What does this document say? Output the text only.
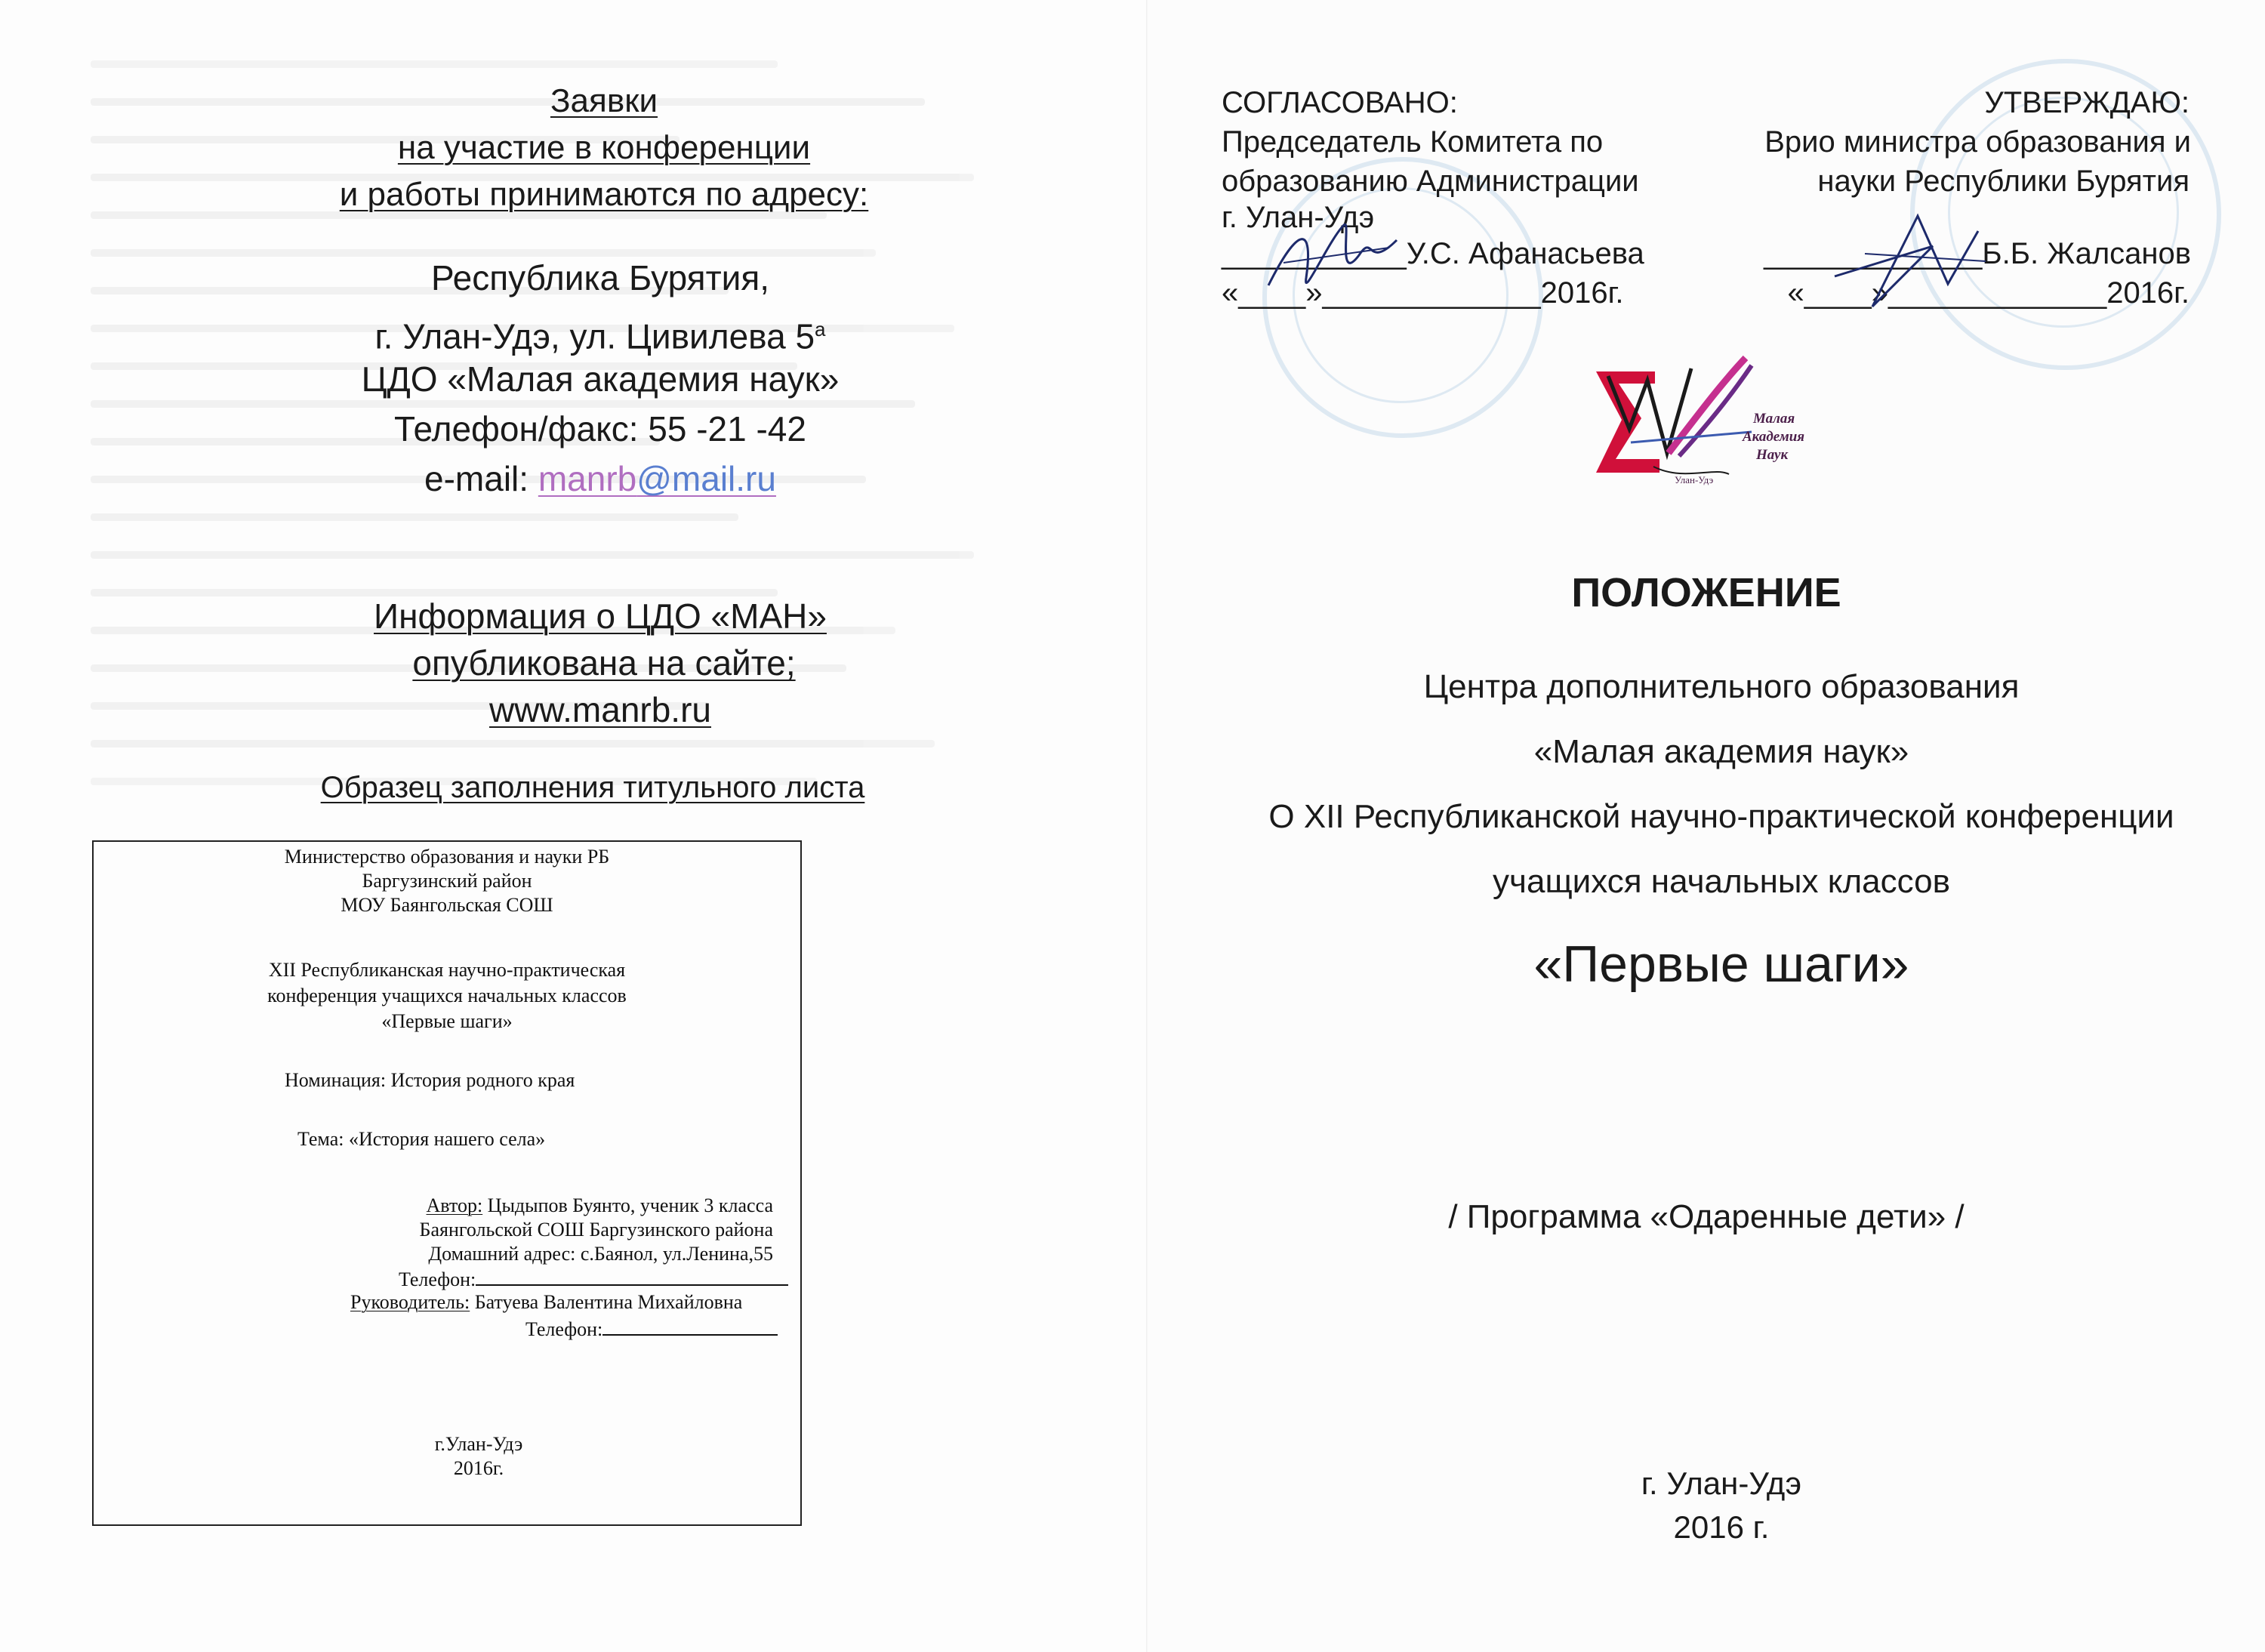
Заявки
на участие в конференции
и работы принимаются по адресу:
Республика Бурятия,
г. Улан-Удэ, ул. Цивилева $5^а$
ЦДО «Малая академия наук»
Телефон/факс: 55 -21 -42
e-mail: manrb@mail.ru
Информация о ЦДО «МАН»
опубликована на сайте;
www.manrb.ru
Образец заполнения титульного листа
Министерство образования и науки РБ
Баргузинский район
МОУ Баянгольская СОШ
XII Республиканская научно-практическая
конференция учащихся начальных классов
«Первые шаги»
Номинация: История родного края
Тема: «История нашего села»
Автор: Цыдыпов Буянто, ученик 3 класса
Баянгольской СОШ Баргузинского района
Домашний адрес: с.Баянол, ул.Ленина,55
Телефон:
Руководитель: Батуева Валентина Михайловна
Телефон:
г.Улан-Удэ
2016г.
СОГЛАСОВАНО:
Председатель Комитета по
образованию Администрации
г. Улан-Удэ
___________У.С. Афанасьева
«____»_____________2016г.
УТВЕРЖДАЮ:
Врио министра образования и
науки Республики Бурятия
_____________Б.Б. Жалсанов
«____»_____________2016г.
Малая
Академия
Наук
Улан-Удэ
ПОЛОЖЕНИЕ
Центра дополнительного образования
«Малая академия наук»
О XII Республиканской научно-практической конференции
учащихся начальных классов
«Первые шаги»
/ Программа «Одаренные дети» /
г. Улан-Удэ
2016 г.
